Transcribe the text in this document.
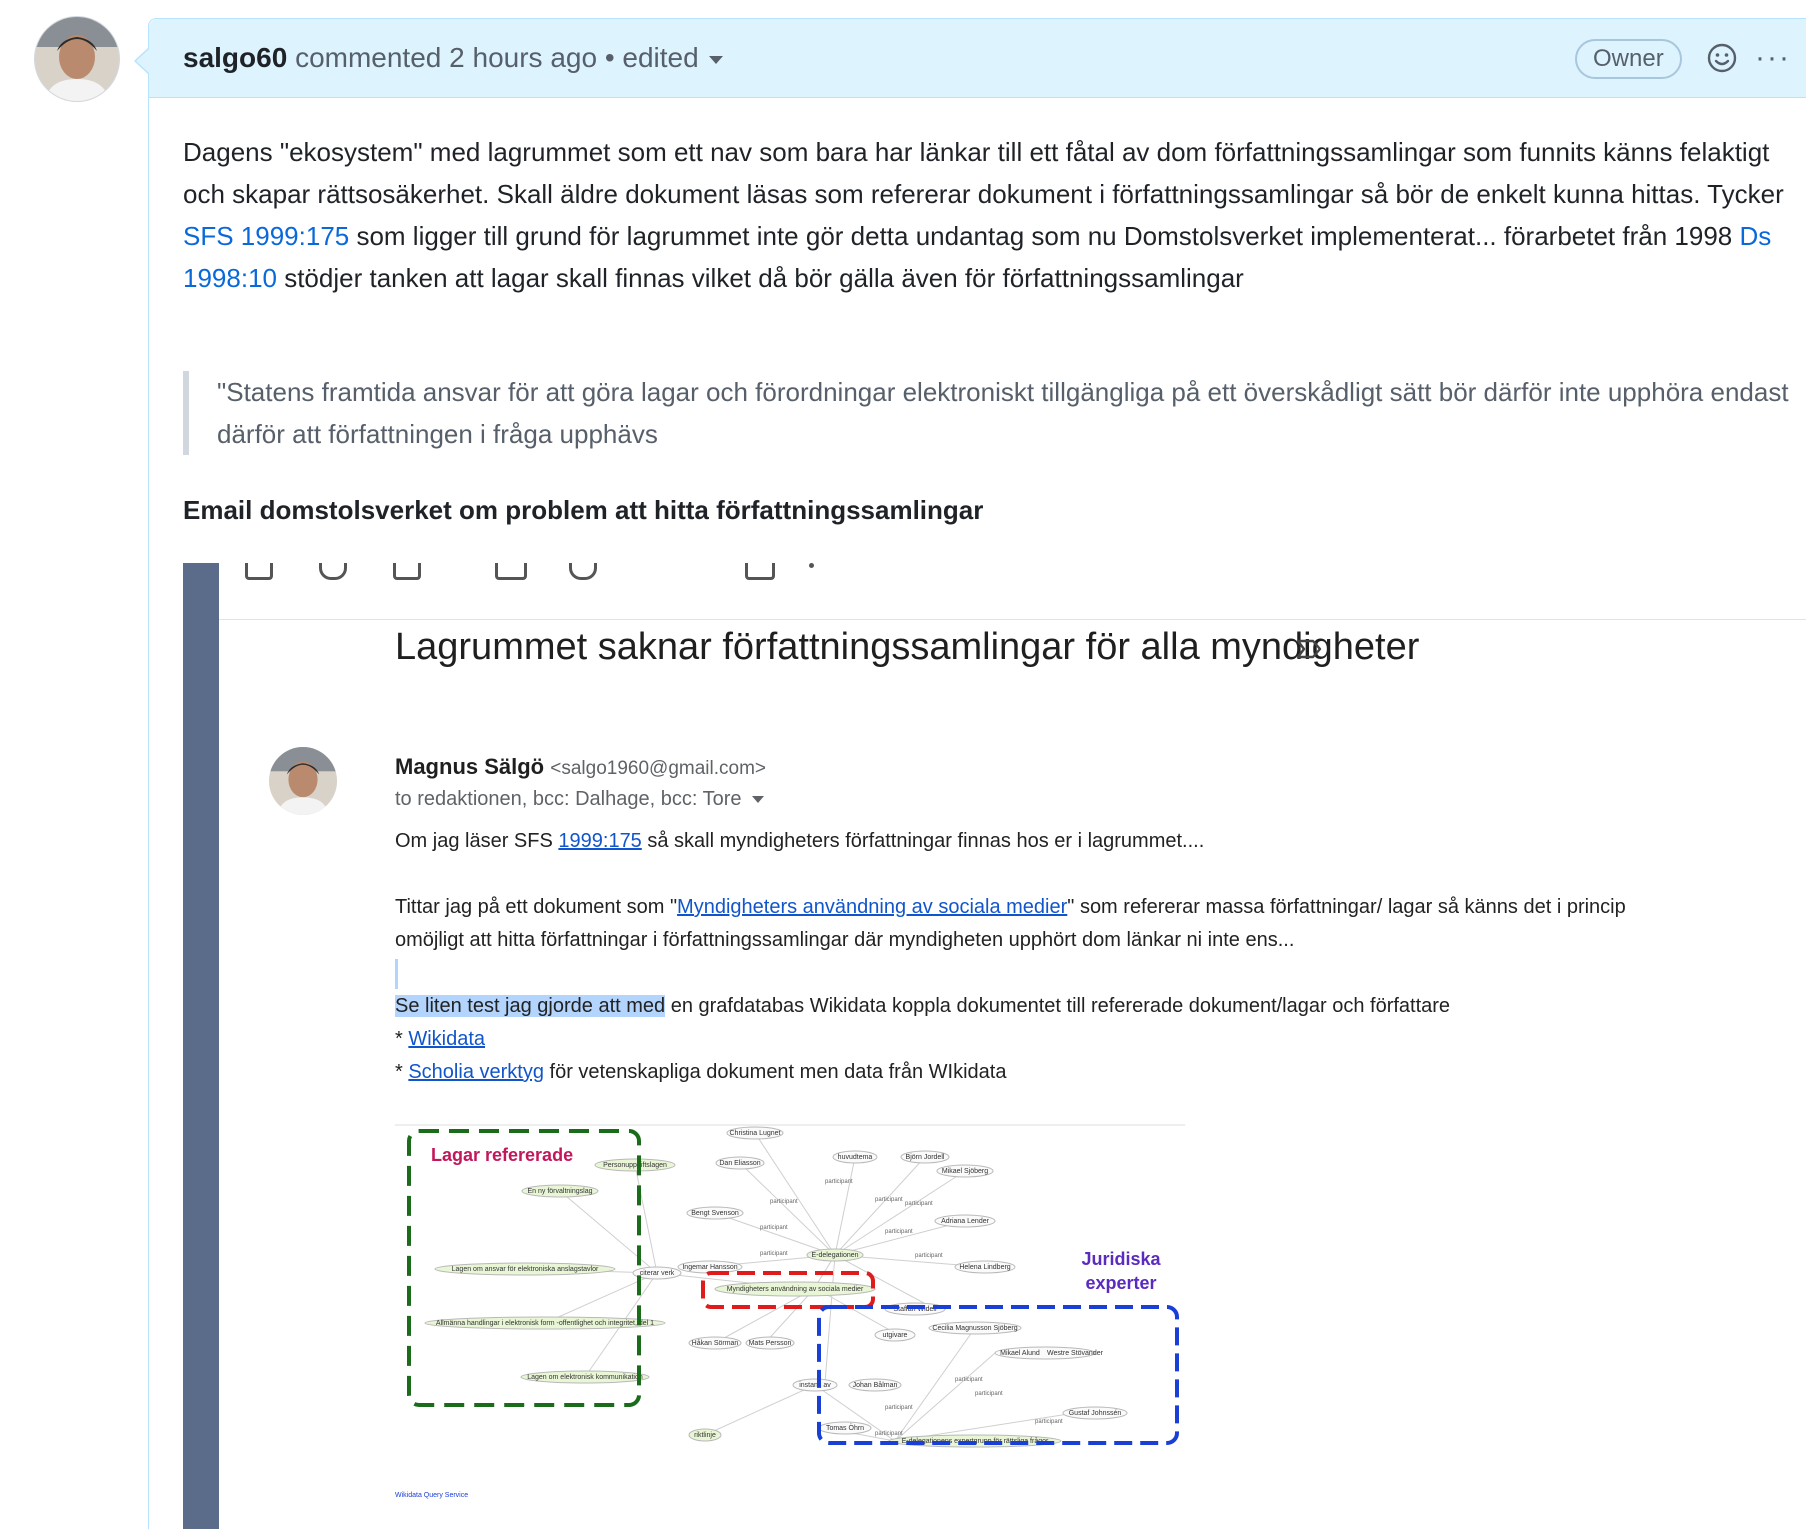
salgo60 commented 2 hours ago • edited	Owner	···

Dagens "ekosystem" med lagrummet som ett nav som bara har länkar till ett fåtal av dom författningssamlingar som funnits känns felaktigt och skapar rättsosäkerhet. Skall äldre dokument läsas som refererar dokument i författningssamlingar så bör de enkelt kunna hittas. Tycker SFS 1999:175 som ligger till grund för lagrummet inte gör detta undantag som nu Domstolsverket implementerat... förarbetet från 1998 Ds 1998:10 stödjer tanken att lagar skall finnas vilket då bör gälla även för författningssamlingar

"Statens framtida ansvar för att göra lagar och förordningar elektroniskt tillgängliga på ett överskådligt sätt bör därför inte upphöra endast därför att författningen i fråga upphävs
Email domstolsverket om problem att hitta författningssamlingar
Lagrummet saknar författningssamlingar för alla myndigheter
Magnus Sälgö <salgo1960@gmail.com>
to redaktionen, bcc: Dalhage, bcc: Tore

Om jag läser SFS 1999:175 så skall myndigheters författningar finnas hos er i lagrummet....

Tittar jag på ett dokument som "Myndigheters användning av sociala medier" som refererar massa författningar/ lagar så känns det i princip omöjligt att hitta författningar i författningssamlingar där myndigheten upphört dom länkar ni inte ens...

Se liten test jag gjorde att med en grafdatabas Wikidata koppla dokumentet till refererade dokument/lagar och författare

* Wikidata

* Scholia verktyg för vetenskapliga dokument men data från WIkidata

Christina Lugnet
huvudtema	Björn Jordell
Dan Eliasson
Mikael Sjöberg
Bengt Svenson
E-delegationen
Adriana Lender
Ingemar Hansson	Helena Lindberg
Personuppgiftslagen
En ny förvaltningslag
Lagen om ansvar för elektroniska anslagstavlor
citerar verk
Allmänna handlingar i elektronisk form -offentlighet och integritet, del 1
Lagen om elektronisk kommunikation
Myndigheters användning av sociala medier
Staffan Widell
Håkan Sörman Mats Persson
utgivare
Cecilia Magnusson Sjöberg
Mikael Alund Westre Stövander
instans av	Johan Bålman
Gustaf Johnssén
Tomas Öhrn
E-delegationens expertgrupp för rättsliga frågor
riktlinje
participant
participant	participant
participant
participant
participant
participant	participant
participant
participant
participant
participant
participant
Lagar refererade
Juridiska
experter
Wikidata Query Service
